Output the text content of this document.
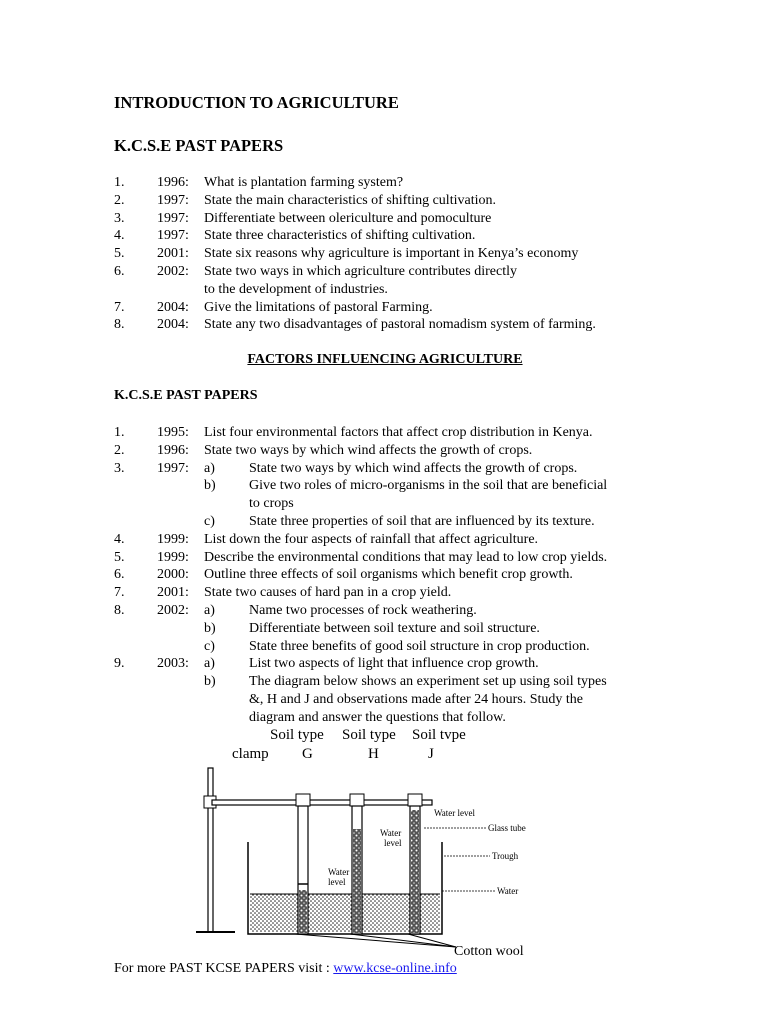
INTRODUCTION TO AGRICULTURE
K.C.S.E PAST PAPERS
1. 1996: What is plantation farming system?
2. 1997: State the main characteristics of shifting cultivation.
3. 1997: Differentiate between olericulture and pomoculture
4. 1997: State three characteristics of shifting cultivation.
5. 2001: State six reasons why agriculture is important in Kenya’s economy
6. 2002: State two ways in which agriculture contributes directly
to the development of industries.
7. 2004: Give the limitations of pastoral Farming.
8. 2004: State any two disadvantages of pastoral nomadism system of farming.
FACTORS INFLUENCING AGRICULTURE
K.C.S.E PAST PAPERS
1. 1995: List four environmental factors that affect crop distribution in Kenya.
2. 1996: State two ways by which wind affects the growth of crops.
3. 1997: a) State two ways by which wind affects the growth of crops.
b) Give two roles of micro-organisms in the soil that are beneficial
to crops
c) State three properties of soil that are influenced by its texture.
4. 1999: List down the four aspects of rainfall that affect agriculture.
5. 1999: Describe the environmental conditions that may lead to low crop yields.
6. 2000: Outline three effects of soil organisms which benefit crop growth.
7. 2001: State two causes of hard pan in a crop yield.
8. 2002: a) Name two processes of rock weathering.
b) Differentiate between soil texture and soil structure.
c) State three benefits of good soil structure in crop production.
9. 2003: a) List two aspects of light that influence crop growth.
b) The diagram below shows an experiment set up using soil types
&, H and J and observations made after 24 hours. Study the
diagram and answer the questions that follow.
Soil type Soil type Soil tvpe
clamp G	H	J
Water level
Glass tube
Water
level
Trough
Water
level
Water
Cotton wool
For more PAST KCSE PAPERS visit : www.kcse-online.info
